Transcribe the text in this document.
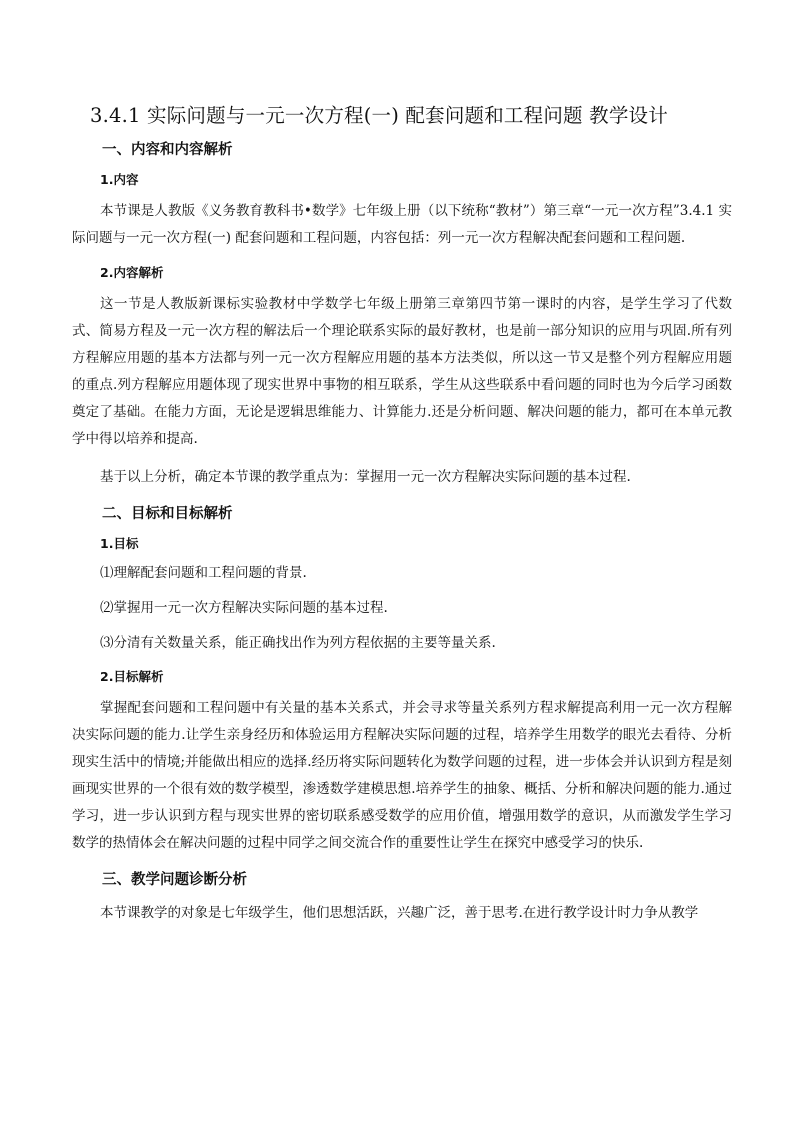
3.4.1 实际问题与一元一次方程(一) 配套问题和工程问题 教学设计
一、内容和内容解析
1.内容

本节课是人教版《义务教育教科书•数学》七年级上册（以下统称“教材”）第三章“一元一次方程”3.4.1 实际问题与一元一次方程(一) 配套问题和工程问题，内容包括：列一元一次方程解决配套问题和工程问题.

2.内容解析

这一节是人教版新课标实验教材中学数学七年级上册第三章第四节第一课时的内容，是学生学习了代数式、简易方程及一元一次方程的解法后一个理论联系实际的最好教材，也是前一部分知识的应用与巩固.所有列方程解应用题的基本方法都与列一元一次方程解应用题的基本方法类似，所以这一节又是整个列方程解应用题的重点.列方程解应用题体现了现实世界中事物的相互联系，学生从这些联系中看问题的同时也为今后学习函数奠定了基础。在能力方面，无论是逻辑思维能力、计算能力.还是分析问题、解决问题的能力，都可在本单元教学中得以培养和提高.

基于以上分析，确定本节课的教学重点为：掌握用一元一次方程解决实际问题的基本过程.

二、目标和目标解析
1.目标
⑴理解配套问题和工程问题的背景.
⑵掌握用一元一次方程解决实际问题的基本过程.
⑶分清有关数量关系，能正确找出作为列方程依据的主要等量关系.
2.目标解析

掌握配套问题和工程问题中有关量的基本关系式，并会寻求等量关系列方程求解提高利用一元一次方程解决实际问题的能力.让学生亲身经历和体验运用方程解决实际问题的过程，培养学生用数学的眼光去看待、分析现实生活中的情境;并能做出相应的选择.经历将实际问题转化为数学问题的过程，进一步体会并认识到方程是刻画现实世界的一个很有效的数学模型，渗透数学建模思想.培养学生的抽象、概括、分析和解决问题的能力.通过学习，进一步认识到方程与现实世界的密切联系感受数学的应用价值，增强用数学的意识，从而激发学生学习数学的热情体会在解决问题的过程中同学之间交流合作的重要性让学生在探究中感受学习的快乐.

三、教学问题诊断分析

本节课教学的对象是七年级学生，他们思想活跃，兴趣广泛，善于思考.在进行教学设计时力争从教学
